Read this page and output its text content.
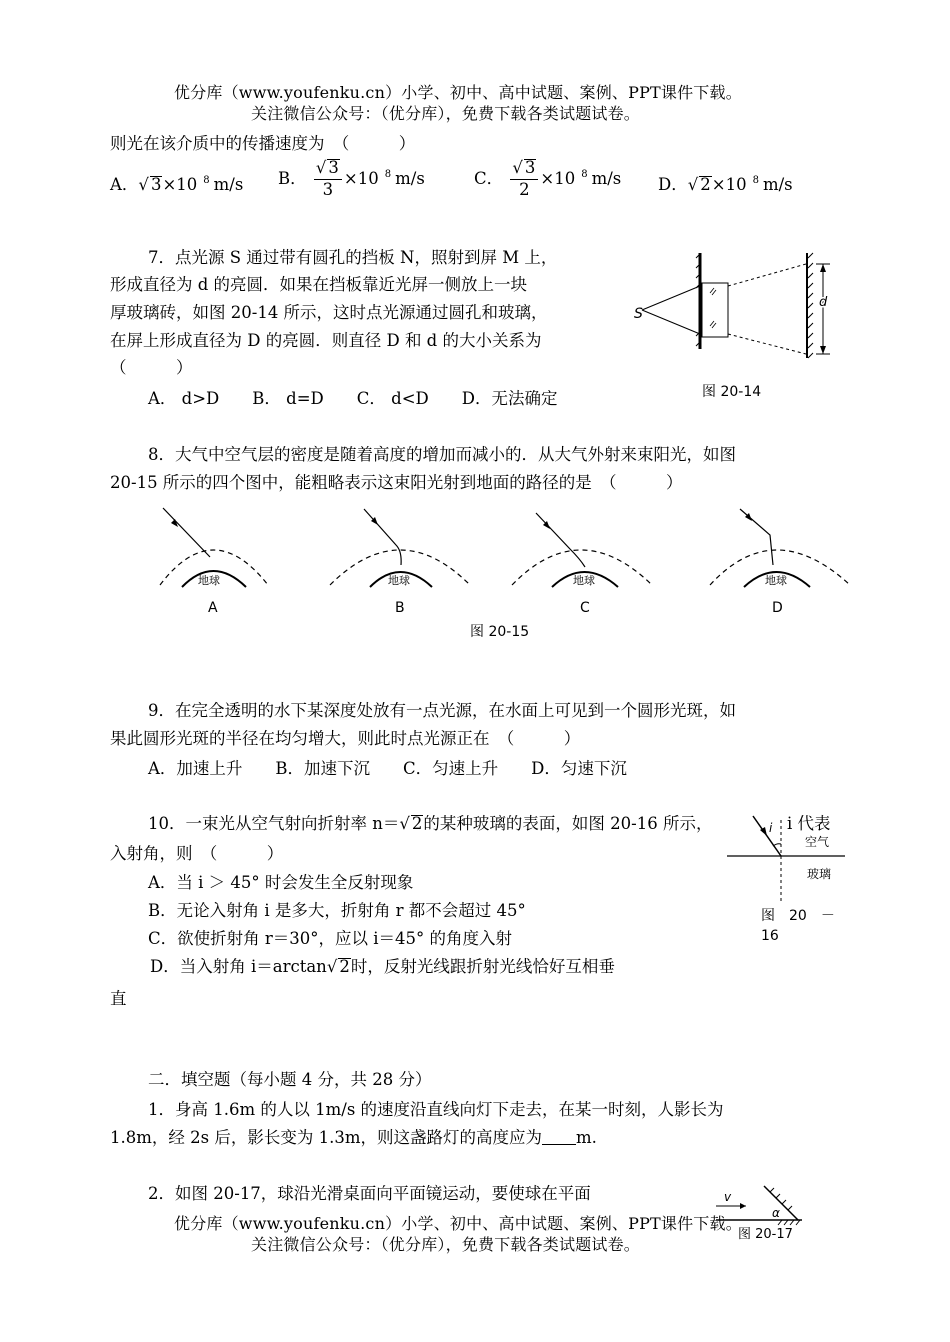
优分库（www.youfenku.cn）小学、初中、高中试题、案例、PPT课件下载。
关注微信公众号：（优分库），免费下载各类试题试卷。
则光在该介质中的传播速度为　（　　　）
A．√ 3×10 $^8$ m/s B． $\frac{√ 3}{3} \times 10$ $^8$ m/s	C． $\frac{√ 3}{2} \times 10$ $^8$ m/s D．√ 2×10 $^8$ m/s
7．点光源 S 通过带有圆孔的挡板 N，照射到屏 M 上，
形成直径为 d 的亮圆．如果在挡板靠近光屏一侧放上一块
厚玻璃砖，如图 20-14 所示，这时点光源通过圆孔和玻璃，
在屏上形成直径为 D 的亮圆．则直径 D 和 d 的大小关系为
（　　　）
A． d>D　　B． d=D　　C． d<D　　D．无法确定
S
d
图 20-14
8．大气中空气层的密度是随着高度的增加而减小的．从大气外射来束阳光，如图
20-15 所示的四个图中，能粗略表示这束阳光射到地面的路径的是　（　　　）
地球
A
地球
B
地球
C
地球
D
图 20-15
9．在完全透明的水下某深度处放有一点光源，在水面上可见到一个圆形光斑，如
果此圆形光斑的半径在均匀增大，则此时点光源正在　（　　　）
A．加速上升　　B．加速下沉　　C．匀速上升　　D．匀速下沉
10．一束光从空气射向折射率 n＝√ 2的某种玻璃的表面，如图 20-16 所示，	i 代表
入射角，则　（　　　）
A．当 i ＞ 45° 时会发生全反射现象
B．无论入射角 i 是多大，折射角 r 都不会超过 45°
C．欲使折射角 r＝30°，应以 i＝45° 的角度入射
D．当入射角 i＝arctan√ 2时，反射光线跟折射光线恰好互相垂
直
i
空气
玻璃
图　20　－
16
二．填空题（每小题 4 分，共 28 分）
1．身高 1.6m 的人以 1m/s 的速度沿直线向灯下走去，在某一时刻，人影长为
1.8m，经 2s 后，影长变为 1.3m，则这盏路灯的高度应为 m.
2．如图 20-17，球沿光滑桌面向平面镜运动，要使球在平面	v
α
图 20-17
优分库（www.youfenku.cn）小学、初中、高中试题、案例、PPT课件下载。
关注微信公众号：（优分库），免费下载各类试题试卷。
